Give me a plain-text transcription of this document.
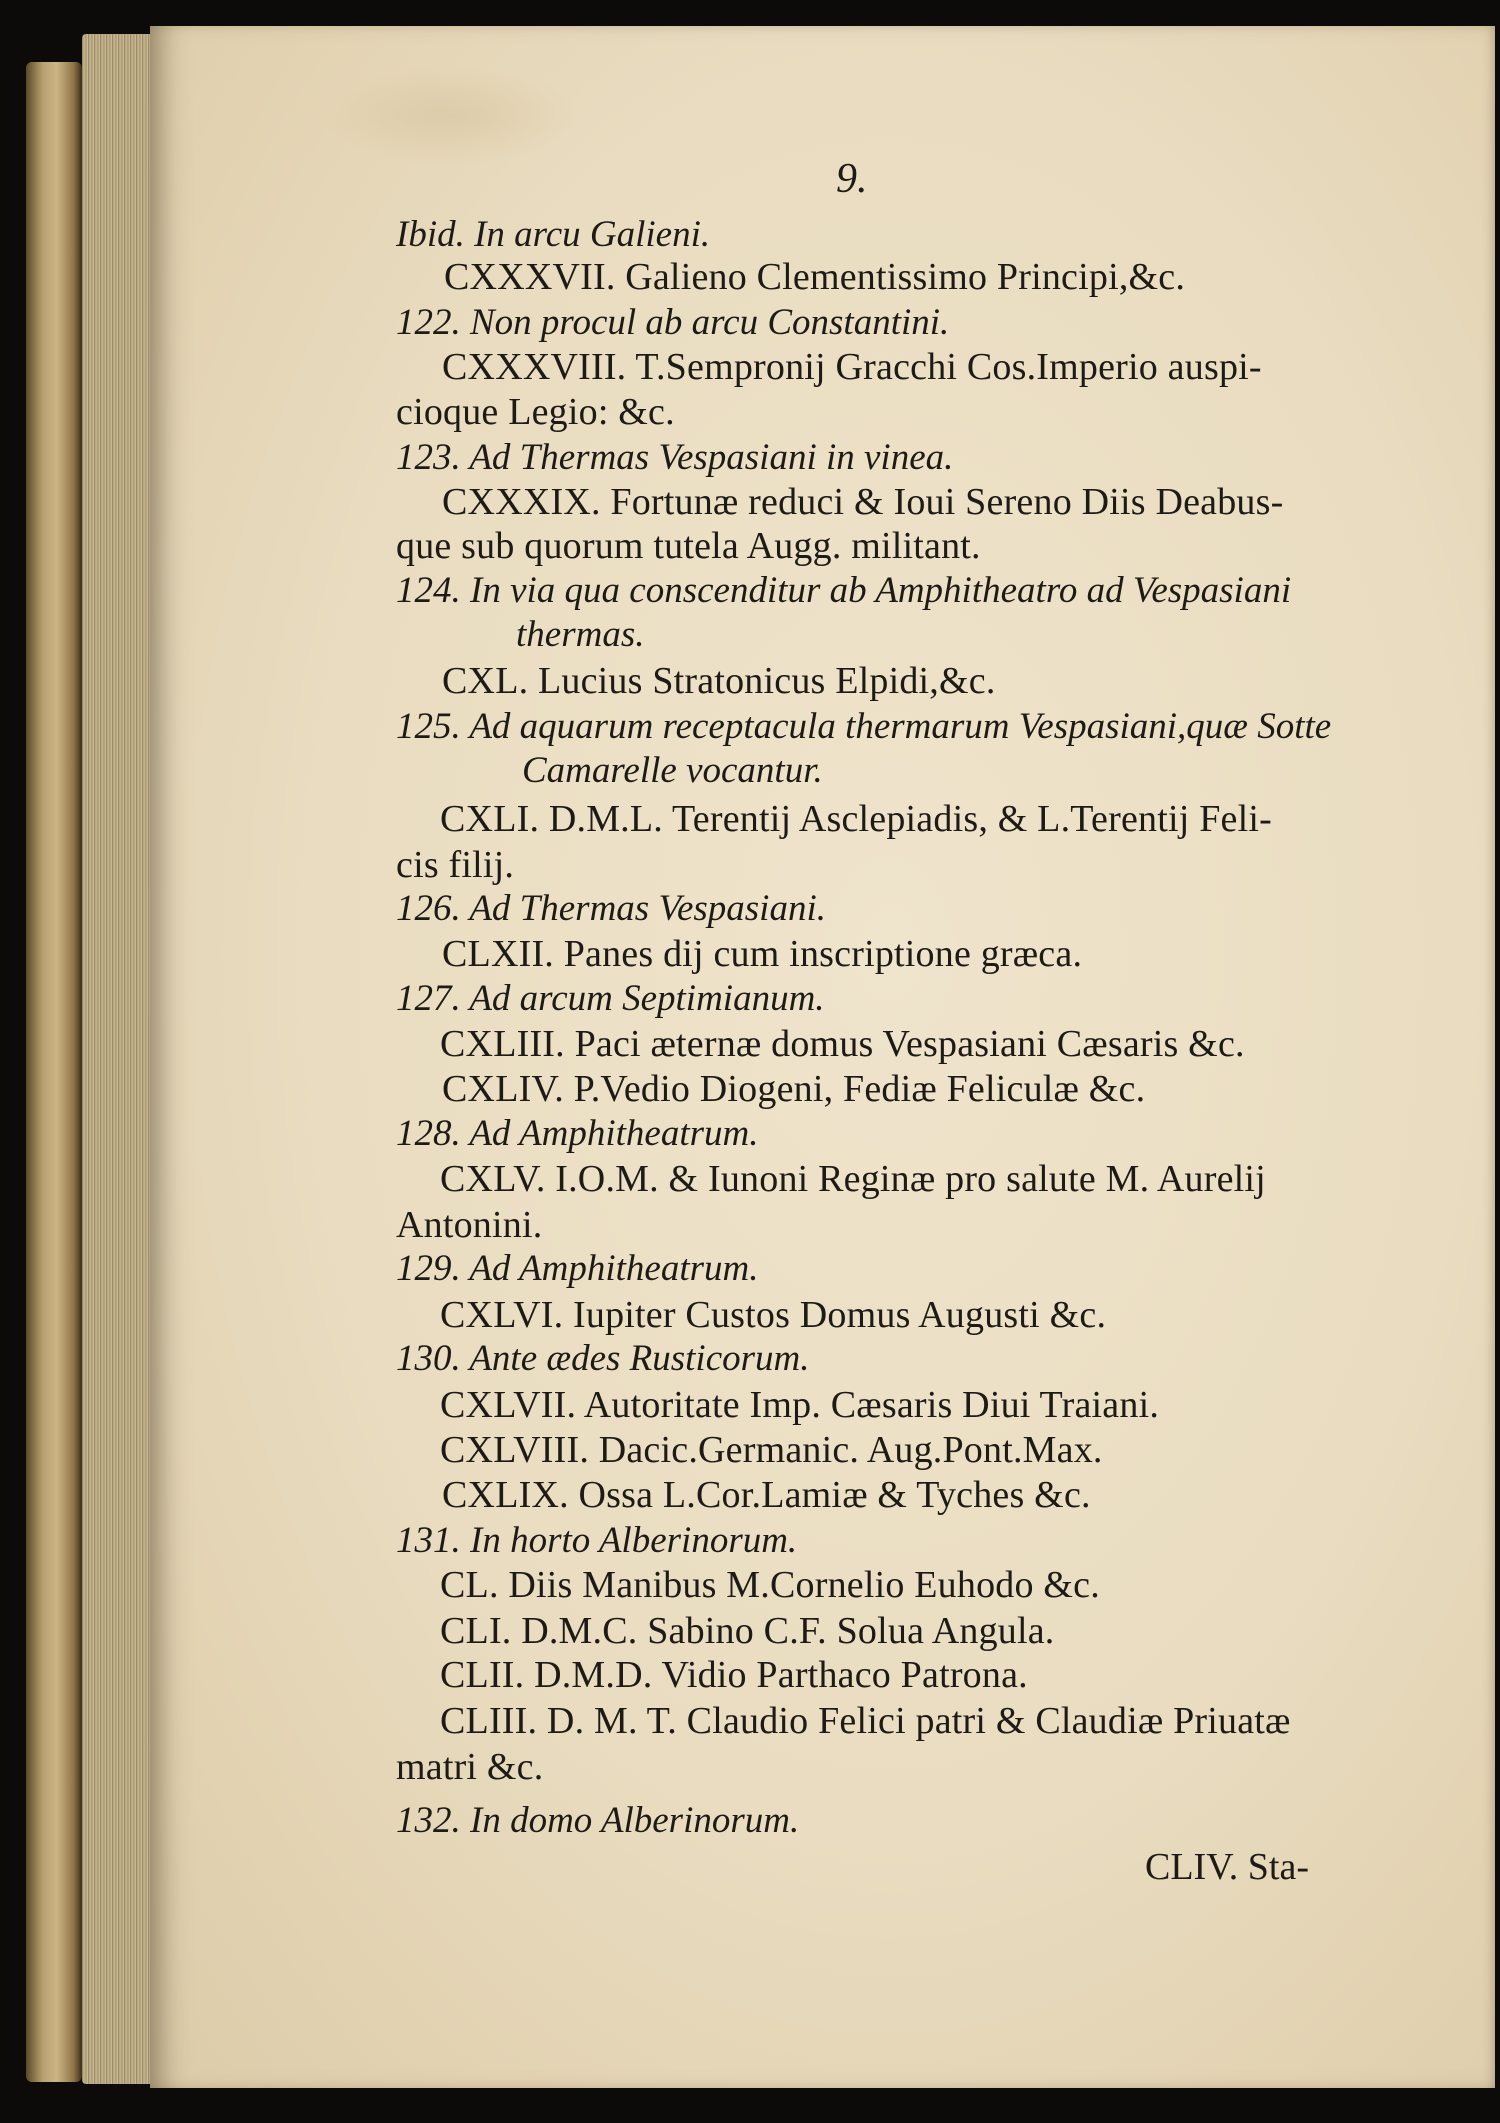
9.
Ibid. In arcu Galieni.
CXXXVII. Galieno Clementissimo Principi,&c.
122. Non procul ab arcu Constantini.
CXXXVIII. T.Sempronij Gracchi Cos.Imperio auspi-
cioque Legio: &c.
123. Ad Thermas Vespasiani in vinea.
CXXXIX. Fortunæ reduci & Ioui Sereno Diis Deabus-
que sub quorum tutela Augg. militant.
124. In via qua conscenditur ab Amphitheatro ad Vespasiani
thermas.
CXL. Lucius Stratonicus Elpidi,&c.
125. Ad aquarum receptacula thermarum Vespasiani,quæ Sotte
Camarelle vocantur.
CXLI. D.M.L. Terentij Asclepiadis, & L.Terentij Feli-
cis filij.
126. Ad Thermas Vespasiani.
CLXII. Panes dij cum inscriptione græca.
127. Ad arcum Septimianum.
CXLIII. Paci æternæ domus Vespasiani Cæsaris &c.
CXLIV. P.Vedio Diogeni, Fediæ Feliculæ &c.
128. Ad Amphitheatrum.
CXLV. I.O.M. & Iunoni Reginæ pro salute M. Aurelij
Antonini.
129. Ad Amphitheatrum.
CXLVI. Iupiter Custos Domus Augusti &c.
130. Ante ædes Rusticorum.
CXLVII. Autoritate Imp. Cæsaris Diui Traiani.
CXLVIII. Dacic.Germanic. Aug.Pont.Max.
CXLIX. Ossa L.Cor.Lamiæ & Tyches &c.
131. In horto Alberinorum.
CL. Diis Manibus M.Cornelio Euhodo &c.
CLI. D.M.C. Sabino C.F. Solua Angula.
CLII. D.M.D. Vidio Parthaco Patrona.
CLIII. D. M. T. Claudio Felici patri & Claudiæ Priuatæ
matri &c.
132. In domo Alberinorum.
CLIV. Sta-
